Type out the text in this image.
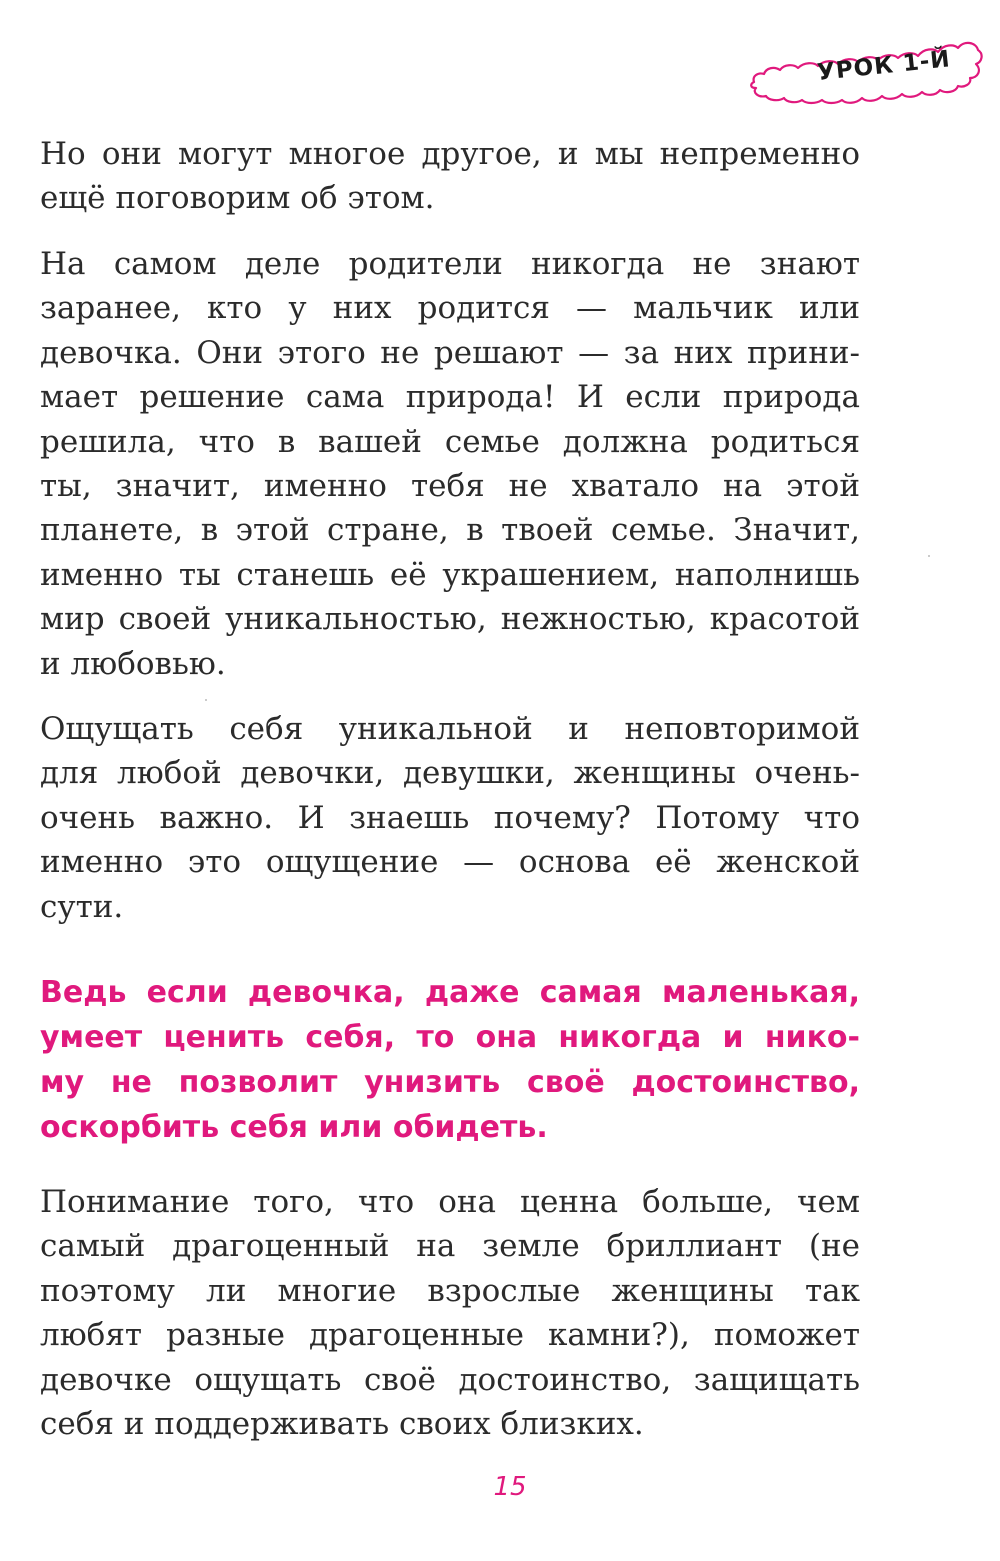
УРОК 1-Й
Но они могут многое другое, и мы непременно
ещё поговорим об этом.
На самом деле родители никогда не знают
заранее, кто у них родится — мальчик или
девочка. Они этого не решают — за них прини-
мает решение сама природа! И если природа
решила, что в вашей семье должна родиться
ты, значит, именно тебя не хватало на этой
планете, в этой стране, в твоей семье. Значит,
именно ты станешь её украшением, наполнишь
мир своей уникальностью, нежностью, красотой
и любовью.
Ощущать себя уникальной и неповторимой
для любой девочки, девушки, женщины очень-
очень важно. И знаешь почему? Потому что
именно это ощущение — основа её женской
сути.
Ведь если девочка, даже самая маленькая,
умеет ценить себя, то она никогда и нико-
му не позволит унизить своё достоинство,
оскорбить себя или обидеть.
Понимание того, что она ценна больше, чем
самый драгоценный на земле бриллиант (не
поэтому ли многие взрослые женщины так
любят разные драгоценные камни?), поможет
девочке ощущать своё достоинство, защищать
себя и поддерживать своих близких.
15
